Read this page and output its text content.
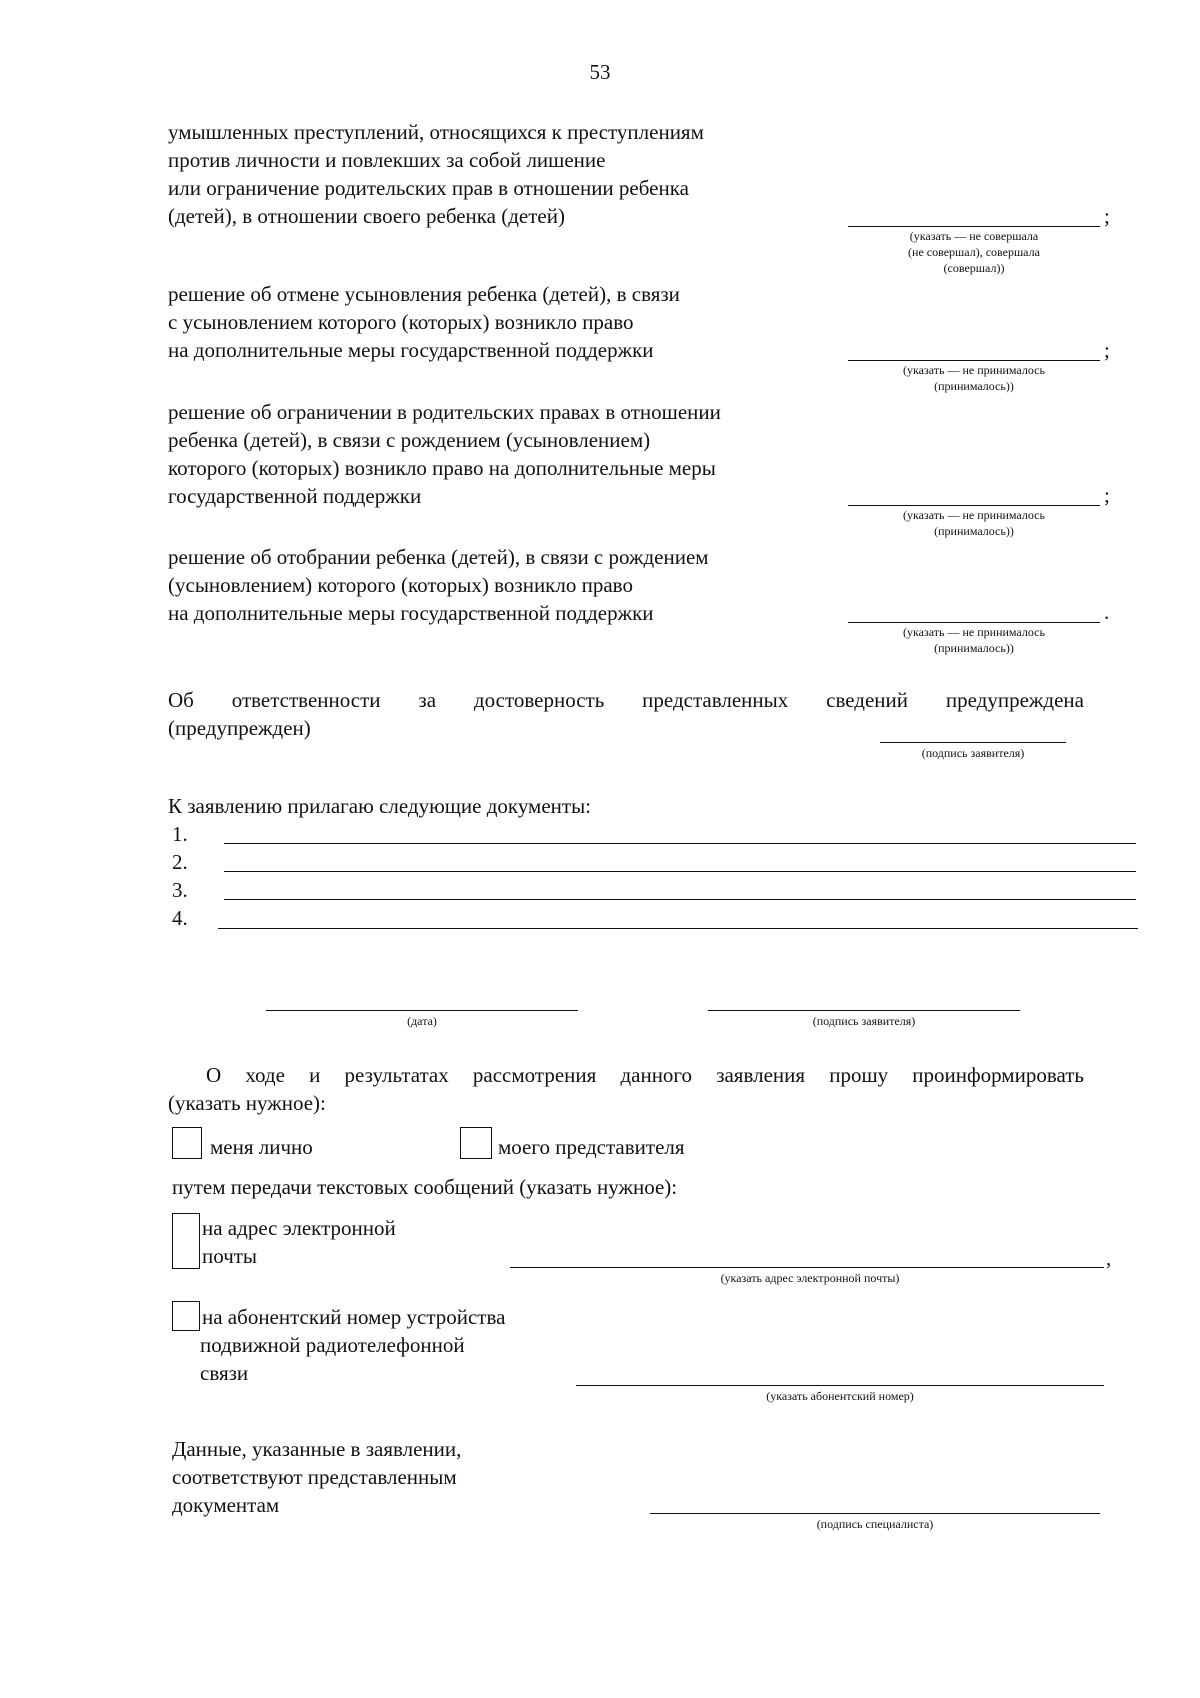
53
умышленных преступлений, относящихся к преступлениям
против личности и повлекших за собой лишение
или ограничение родительских прав в отношении ребенка
(детей), в отношении своего ребенка (детей)	;
(указать — не совершала
(не совершал), совершала
(совершал))
решение об отмене усыновления ребенка (детей), в связи
с усыновлением которого (которых) возникло право
на дополнительные меры государственной поддержки	;
(указать — не принималось
(принималось))
решение об ограничении в родительских правах в отношении
ребенка (детей), в связи с рождением (усыновлением)
которого (которых) возникло право на дополнительные меры
государственной поддержки	;
(указать — не принималось
(принималось))
решение об отобрании ребенка (детей), в связи с рождением
(усыновлением) которого (которых) возникло право
на дополнительные меры государственной поддержки	.
(указать — не принималось
(принималось))
Об ответственности за достоверность представленных сведений предупреждена
(предупрежден)
(подпись заявителя)
К заявлению прилагаю следующие документы:
1.
2.
3.
4.
(дата)	(подпись заявителя)
О ходе и результатах рассмотрения данного заявления прошу проинформировать
(указать нужное):
меня лично	моего представителя
путем передачи текстовых сообщений (указать нужное):
на адрес электронной
почты	,
(указать адрес электронной почты)
на абонентский номер устройства
подвижной радиотелефонной
связи
(указать абонентский номер)
Данные, указанные в заявлении,
соответствуют представленным
документам
(подпись специалиста)
